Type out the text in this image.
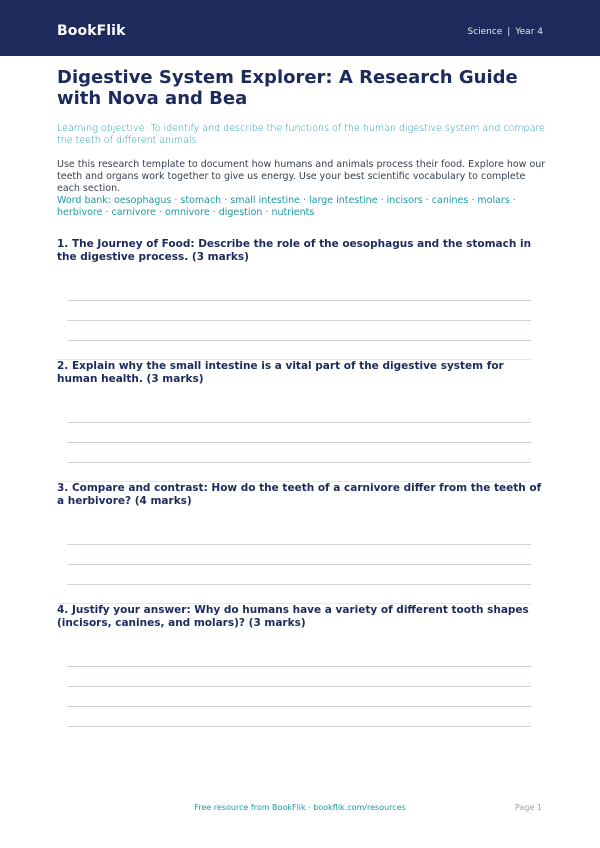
BookFlik	Science | Year 4
Digestive System Explorer: A Research Guide with Nova and Bea
Learning objective: To identify and describe the functions of the human digestive system and compare the teeth of different animals.
Use this research template to document how humans and animals process their food. Explore how our teeth and organs work together to give us energy. Use your best scientific vocabulary to complete each section.
Word bank: oesophagus · stomach · small intestine · large intestine · incisors · canines · molars · herbivore · carnivore · omnivore · digestion · nutrients
1. The Journey of Food: Describe the role of the oesophagus and the stomach in the digestive process. (3 marks)
2. Explain why the small intestine is a vital part of the digestive system for human health. (3 marks)
3. Compare and contrast: How do the teeth of a carnivore differ from the teeth of a herbivore? (4 marks)
4. Justify your answer: Why do humans have a variety of different tooth shapes (incisors, canines, and molars)? (3 marks)
Free resource from BookFlik · bookflik.com/resources	Page 1
